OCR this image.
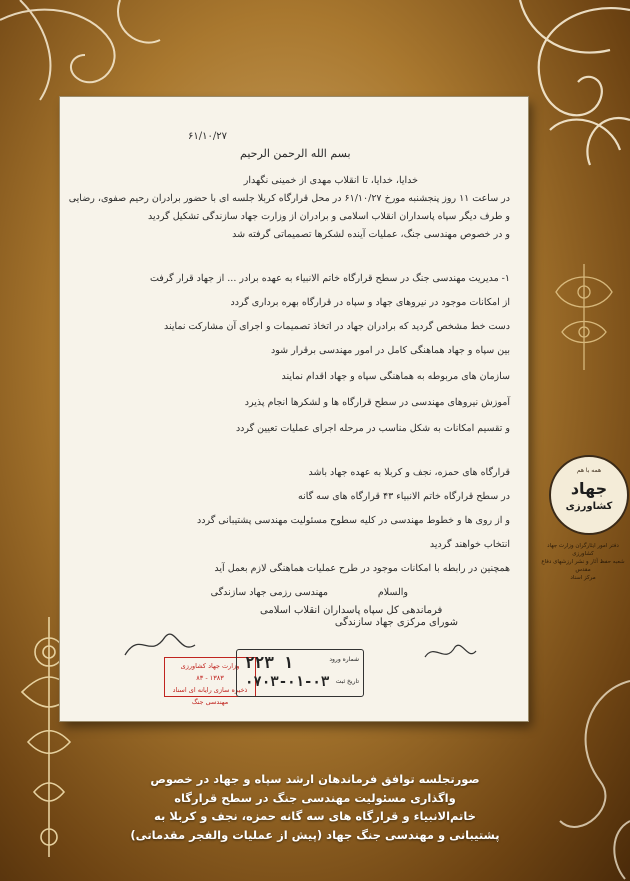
۶۱/۱۰/۲۷
بسم الله الرحمن الرحیم
خدایا، خدایا، تا انقلاب مهدی از خمینی نگهدار
در ساعت ۱۱ روز پنجشنبه مورخ ۶۱/۱۰/۲۷ در محل قرارگاه کربلا جلسه ای با حضور برادران رحیم صفوی، رضایی
و طرف دیگر سپاه پاسداران انقلاب اسلامی و برادران از وزارت جهاد سازندگی تشکیل گردید
و در خصوص مهندسی جنگ، عملیات آینده لشکرها تصمیماتی گرفته شد
۱- مدیریت مهندسی جنگ در سطح قرارگاه خاتم الانبیاء به عهده برادر ... از جهاد قرار گرفت
از امکانات موجود در نیروهای جهاد و سپاه در قرارگاه بهره برداری گردد
دست خط مشخص گردید که برادران جهاد در اتخاذ تصمیمات و اجرای آن مشارکت نمایند
بین سپاه و جهاد هماهنگی کامل در امور مهندسی برقرار شود
سازمان های مربوطه به هماهنگی سپاه و جهاد اقدام نمایند
آموزش نیروهای مهندسی در سطح قرارگاه ها و لشکرها انجام پذیرد
و تقسیم امکانات به شکل مناسب در مرحله اجرای عملیات تعیین گردد
قرارگاه های حمزه، نجف و کربلا به عهده جهاد باشد
در سطح قرارگاه خاتم الانبیاء ۴۳ قرارگاه های سه گانه
و از روی ها و خطوط مهندسی در کلیه سطوح مسئولیت مهندسی پشتیبانی گردد
انتخاب خواهند گردید
همچنین در رابطه با امکانات موجود در طرح عملیات هماهنگی لازم بعمل آید
مهندسی رزمی جهاد سازندگی	والسلام
شورای مرکزی جهاد سازندگی
فرماندهی کل سپاه پاسداران انقلاب اسلامی
وزارت جهاد کشاورزی
۱۳۸۳ - ۸۳
ذخیره سازی رایانه ای اسناد مهندسی جنگ
۲۲۳ ۱
۰۷۰۳-۰۱-۰۳
شماره ورود
تاریخ ثبت
همه با هم
جهاد
کشاورزی
دفتر امور ایثارگران وزارت جهاد کشاورزی
شعبه حفظ آثار و نشر ارزشهای دفاع مقدس
مرکز اسناد
صورتجلسه توافق فرماندهان ارشد سپاه و جهاد در خصوص
واگذاری مسئولیت مهندسی جنگ در سطح قرارگاه
خاتم‌الانبیاء و قرارگاه های سه گانه حمزه، نجف و کربلا به
پشتیبانی و مهندسی جنگ جهاد (پیش از عملیات والفجر مقدماتی)
